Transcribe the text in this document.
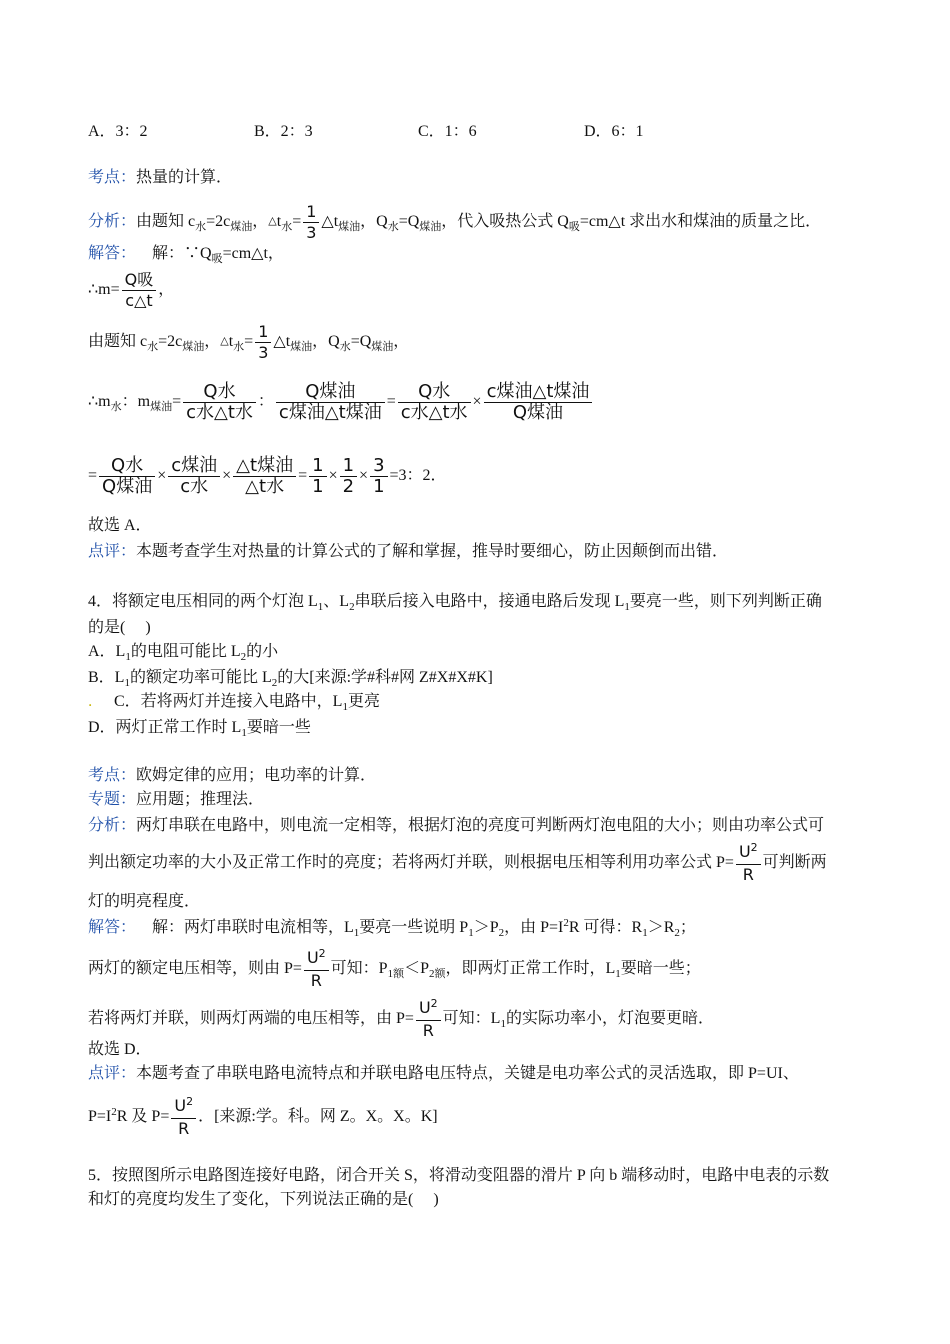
A．3：2	B．2：3	C．1：6	D．6：1
考点：热量的计算．
分析：由题知 $c_水=2c_{煤油}$，$\triangle t_水= \frac{1}{3}$ $\triangle t_{煤油}$，$Q_水=Q_{煤油}$，代入吸热公式 $Q_吸=cm\triangle t$ 求出水和煤油的质量之比．
解答： 解：$\because Q_吸=cm\triangle t$，
∴m= $\frac{\text{Q吸}}{c\triangle t}$ ，
由题知 $c_水=2c_{煤油}$，$\triangle t_水= \frac{1}{3}$ $\triangle t_{煤油}$，$Q_水=Q_{煤油}$，
$\therefore m_水$：$m_{煤油}= \frac{\text{Q水}}{\text{c水△t水}}$ ： $\frac{\text{Q煤油}}{\text{c煤油△t煤油}} = \frac{\text{Q水}}{\text{c水△t水}} \times \frac{\text{c煤油△t煤油}}{\text{Q煤油}}$
= $\frac{\text{Q水}}{\text{Q煤油}} \times \frac{\text{c煤油}}{\text{c水}} \times \frac{\text{△t煤油}}{\text{△t水}} = \frac{1}{1} \times \frac{1}{2} \times \frac{3}{1} =3$：2．
故选 A．
点评：本题考查学生对热量的计算公式的了解和掌握，推导时要细心，防止因颠倒而出错．
4．将额定电压相同的两个灯泡 $L_1$、$L_2$串联后接入电路中，接通电路后发现 $L_1$要亮一些，则下列判断正确
的是(　 )
A．$L_1$的电阻可能比 $L_2$的小
B．$L_1$的额定功率可能比 $L_2$的大[来源:学#科#网 Z#X#X#K]
． C．若将两灯并连接入电路中，$L_1$更亮
D．两灯正常工作时 $L_1$要暗一些
考点：欧姆定律的应用；电功率的计算．
专题：应用题；推理法．
分析：两灯串联在电路中，则电流一定相等，根据灯泡的亮度可判断两灯泡电阻的大小；则由功率公式可
判出额定功率的大小及正常工作时的亮度；若将两灯并联，则根据电压相等利用功率公式 $P= \frac{U^2}{R}$ 可判断两
灯的明亮程度．
解答： 解：两灯串联时电流相等，$L_1$要亮一些说明 $P_1>P_2$，由 $P=I^2R$ 可得：$R_1>R_2$；
两灯的额定电压相等，则由 $P= \frac{U^2}{R}$ 可知：$P_{1额}<P_{2额}$，即两灯正常工作时，$L_1$要暗一些；
若将两灯并联，则两灯两端的电压相等，由 $P= \frac{U^2}{R}$ 可知：$L_1$的实际功率小，灯泡要更暗．
故选 D．
点评：本题考查了串联电路电流特点和并联电路电压特点，关键是电功率公式的灵活选取，即 P=UI、
$P=I^2R$ 及 $P= \frac{U^2}{R}$ ．[来源:学。科。网 Z。X。X。K]
5．按照图所示电路图连接好电路，闭合开关 S，将滑动变阻器的滑片 P 向 b 端移动时，电路中电表的示数
和灯的亮度均发生了变化，下列说法正确的是(　 )
